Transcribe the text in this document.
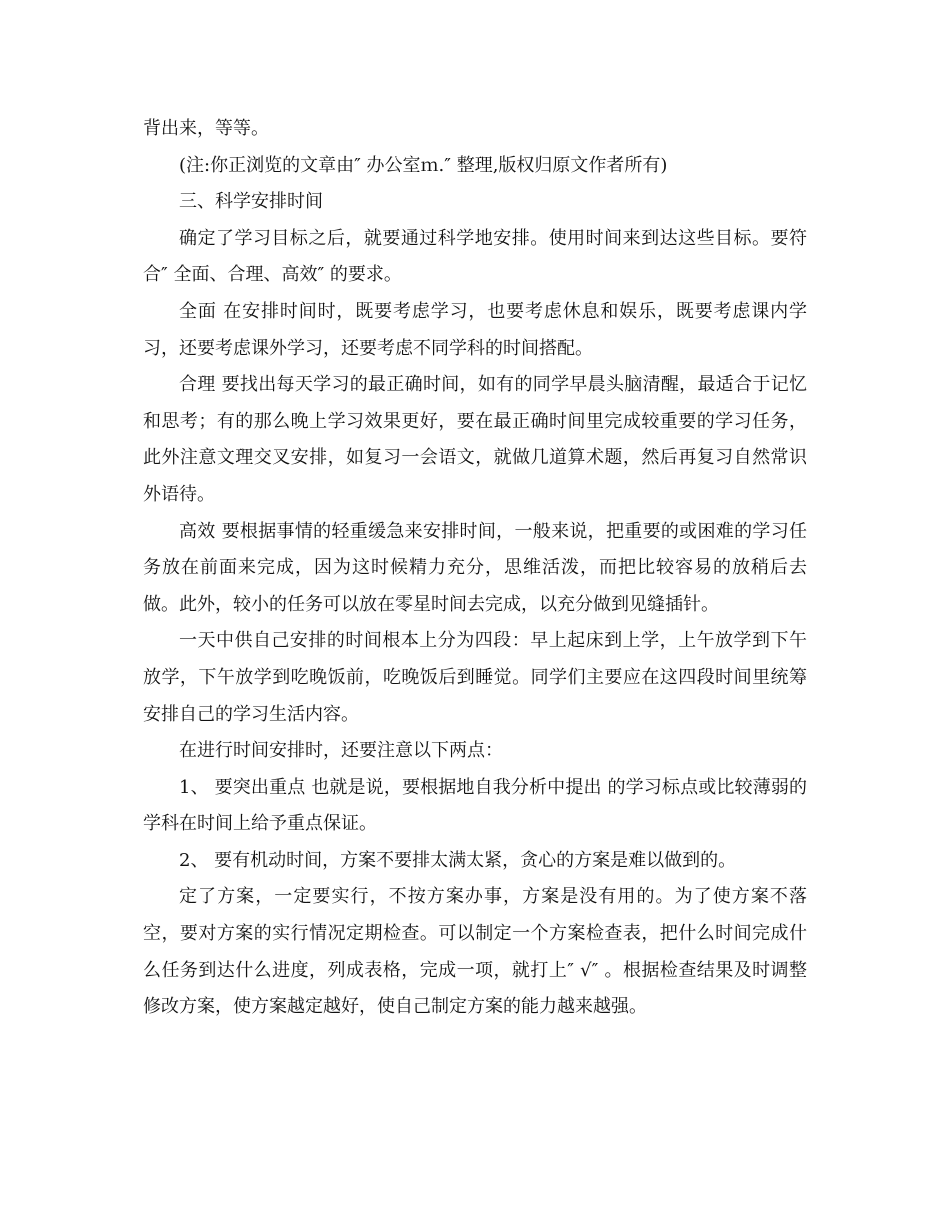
背出来，等等。

(注:你正浏览的文章由″ 办公室ｍ.″ 整理,版权归原文作者所有)

三、科学安排时间

确定了学习目标之后，就要通过科学地安排。使用时间来到达这些目标。要符合″ 全面、合理、高效″ 的要求。

全面 在安排时间时，既要考虑学习，也要考虑休息和娱乐，既要考虑课内学习，还要考虑课外学习，还要考虑不同学科的时间搭配。

合理 要找出每天学习的最正确时间，如有的同学早晨头脑清醒，最适合于记忆和思考；有的那么晚上学习效果更好，要在最正确时间里完成较重要的学习任务，此外注意文理交叉安排，如复习一会语文，就做几道算术题，然后再复习自然常识外语待。

高效 要根据事情的轻重缓急来安排时间，一般来说，把重要的或困难的学习任务放在前面来完成，因为这时候精力充分，思维活泼，而把比较容易的放稍后去做。此外，较小的任务可以放在零星时间去完成，以充分做到见缝插针。

一天中供自己安排的时间根本上分为四段：早上起床到上学，上午放学到下午放学，下午放学到吃晚饭前，吃晚饭后到睡觉。同学们主要应在这四段时间里统筹安排自己的学习生活内容。

在进行时间安排时，还要注意以下两点：

1、 要突出重点 也就是说，要根据地自我分析中提出 的学习标点或比较薄弱的学科在时间上给予重点保证。

2、 要有机动时间，方案不要排太满太紧，贪心的方案是难以做到的。

定了方案，一定要实行，不按方案办事，方案是没有用的。为了使方案不落空，要对方案的实行情况定期检查。可以制定一个方案检查表，把什么时间完成什么任务到达什么进度，列成表格，完成一项，就打上″ √″ 。根据检查结果及时调整修改方案，使方案越定越好，使自己制定方案的能力越来越强。
